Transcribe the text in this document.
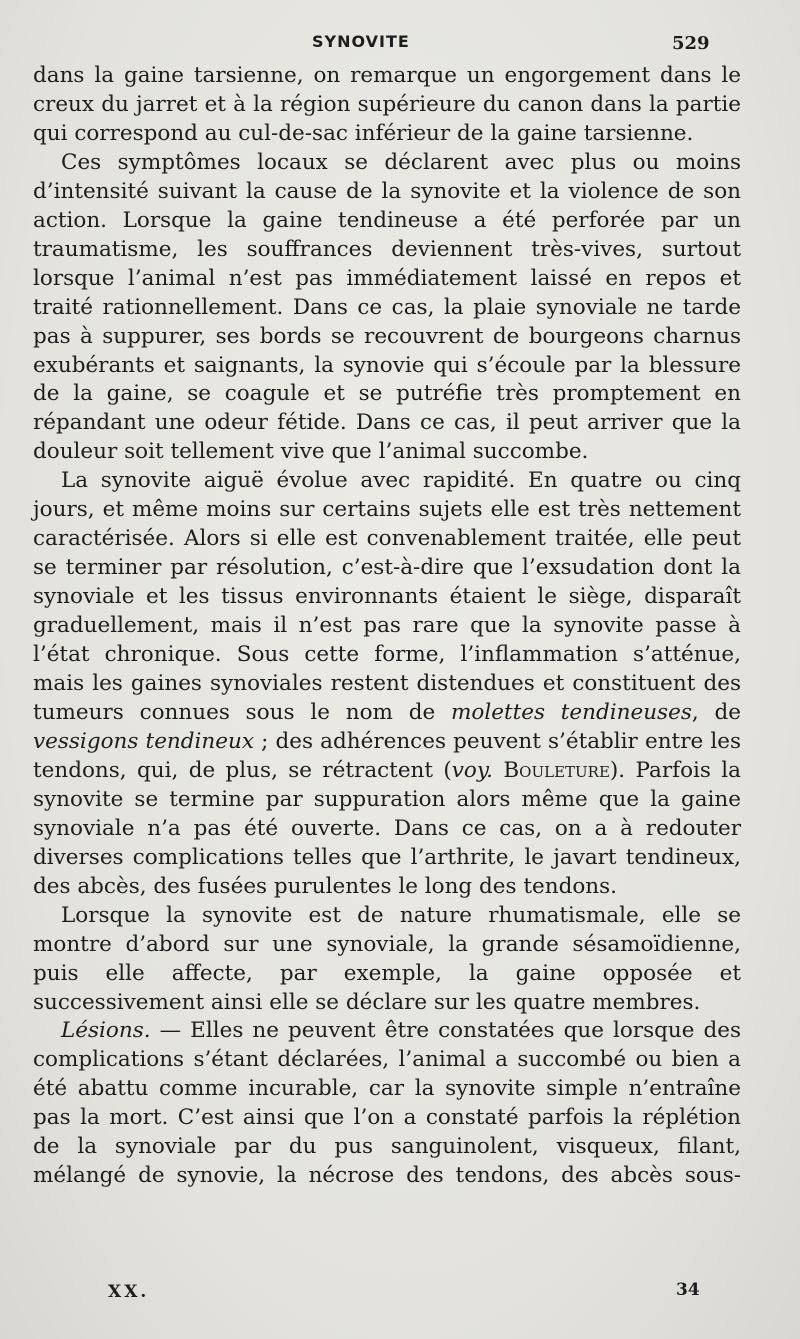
SYNOVITE	529

dans la gaine tarsienne, on remarque un engorgement dans le creux du jarret et à la région supérieure du canon dans la partie qui correspond au cul-de-sac inférieur de la gaine tarsienne.

Ces symptômes locaux se déclarent avec plus ou moins d’intensité suivant la cause de la synovite et la violence de son action. Lorsque la gaine tendineuse a été perforée par un traumatisme, les souffrances deviennent très-vives, surtout lorsque l’animal n’est pas immédiatement laissé en repos et traité rationnellement. Dans ce cas, la plaie synoviale ne tarde pas à suppurer, ses bords se recouvrent de bourgeons charnus exubérants et saignants, la synovie qui s’écoule par la blessure de la gaine, se coagule et se putréfie très promptement en répandant une odeur fétide. Dans ce cas, il peut arriver que la douleur soit tellement vive que l’animal succombe.

La synovite aiguë évolue avec rapidité. En quatre ou cinq jours, et même moins sur certains sujets elle est très nettement caractérisée. Alors si elle est convenablement traitée, elle peut se terminer par résolution, c’est-à-dire que l’exsudation dont la synoviale et les tissus environnants étaient le siège, disparaît graduellement, mais il n’est pas rare que la synovite passe à l’état chronique. Sous cette forme, l’inflammation s’atténue, mais les gaines synoviales restent distendues et constituent des tumeurs connues sous le nom de molettes tendineuses, de vessigons tendineux ; des adhérences peuvent s’établir entre les tendons, qui, de plus, se rétractent (voy. Bouleture). Parfois la synovite se termine par suppuration alors même que la gaine synoviale n’a pas été ouverte. Dans ce cas, on a à redouter diverses complications telles que l’arthrite, le javart tendineux, des abcès, des fusées purulentes le long des tendons.

Lorsque la synovite est de nature rhumatismale, elle se montre d’abord sur une synoviale, la grande sésamoïdienne, puis elle affecte, par exemple, la gaine opposée et successivement ainsi elle se déclare sur les quatre membres.

Lésions. — Elles ne peuvent être constatées que lorsque des complications s’étant déclarées, l’animal a succombé ou bien a été abattu comme incurable, car la synovite simple n’entraîne pas la mort. C’est ainsi que l’on a constaté parfois la réplétion de la synoviale par du pus sanguinolent, visqueux, filant, mélangé de synovie, la nécrose des tendons, des abcès sous-

XX.	34
